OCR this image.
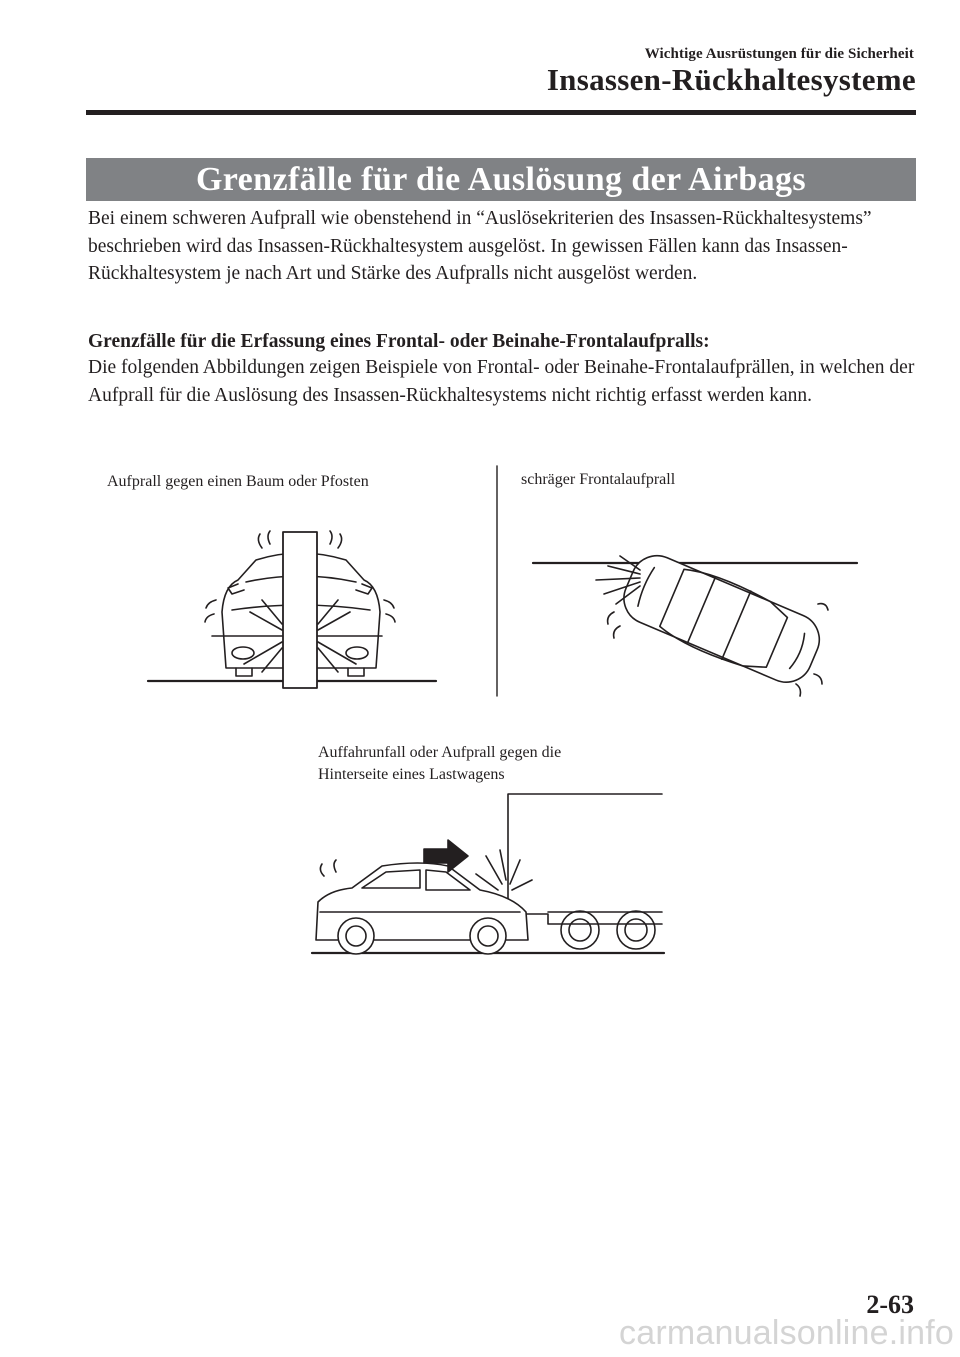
Wichtige Ausrüstungen für die Sicherheit
Insassen-Rückhaltesysteme
Grenzfälle für die Auslösung der Airbags

Bei einem schweren Aufprall wie obenstehend in “Auslösekriterien des Insassen-Rückhaltesystems” beschrieben wird das Insassen-Rückhaltesystem ausgelöst. In gewissen Fällen kann das Insassen-Rückhaltesystem je nach Art und Stärke des Aufpralls nicht ausgelöst werden.

Grenzfälle für die Erfassung eines Frontal- oder Beinahe-Frontalaufpralls:

Die folgenden Abbildungen zeigen Beispiele von Frontal- oder Beinahe-Frontalaufprällen, in welchen der Aufprall für die Auslösung des Insassen-Rückhaltesystems nicht richtig erfasst werden kann.

Aufprall gegen einen Baum oder Pfosten	schräger Frontalaufprall
Auffahrunfall oder Aufprall gegen die
Hinterseite eines Lastwagens
2-63
carmanualsonline.info
